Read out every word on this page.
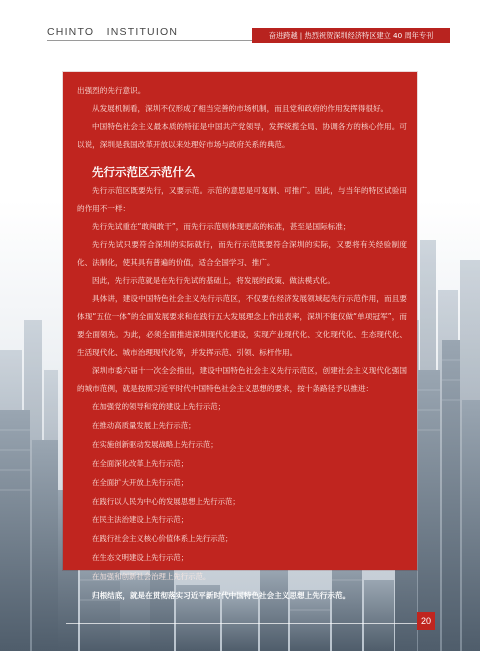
CHINTO   INSTITUION	奋进跨越 | 热烈祝贺深圳经济特区建立 40 周年专刊

出强烈的先行意识。

从发展机制看，深圳不仅形成了相当完善的市场机制，而且党和政府的作用发挥得很好。

中国特色社会主义最本质的特征是中国共产党领导，发挥统揽全局、协调各方的核心作用。可以说，深圳是我国改革开放以来处理好市场与政府关系的典范。

先行示范区示范什么

先行示范区既要先行，又要示范。示范的意思是可复制、可推广。因此，与当年的特区试验田的作用不一样：

先行先试重在“敢闯敢干”，而先行示范则体现更高的标准，甚至是国际标准；

先行先试只要符合深圳的实际就行，而先行示范既要符合深圳的实际，又要将有关经验制度化、法制化，使其具有普遍的价值，适合全国学习、推广。

因此，先行示范就是在先行先试的基础上，将发展的政策、做法模式化。

具体讲，建设中国特色社会主义先行示范区，不仅要在经济发展领域起先行示范作用，而且要体现“五位一体”的全面发展要求和在践行五大发展理念上作出表率，深圳不能仅做“单项冠军”，而要全面领先。为此，必须全面推进深圳现代化建设，实现产业现代化、文化现代化、生态现代化、生活现代化、城市治理现代化等，并发挥示范、引领、标杆作用。

深圳市委六届十一次全会指出，建设中国特色社会主义先行示范区，创建社会主义现代化强国的城市范例，就是按照习近平时代中国特色社会主义思想的要求，按十条路径予以推进：

在加强党的领导和党的建设上先行示范；
在推动高质量发展上先行示范；
在实施创新驱动发展战略上先行示范；
在全面深化改革上先行示范；
在全面扩大开放上先行示范；
在践行以人民为中心的发展思想上先行示范；
在民主法治建设上先行示范；
在践行社会主义核心价值体系上先行示范；
在生态文明建设上先行示范；
在加强和创新社会治理上先行示范。

归根结底，就是在贯彻落实习近平新时代中国特色社会主义思想上先行示范。

20
